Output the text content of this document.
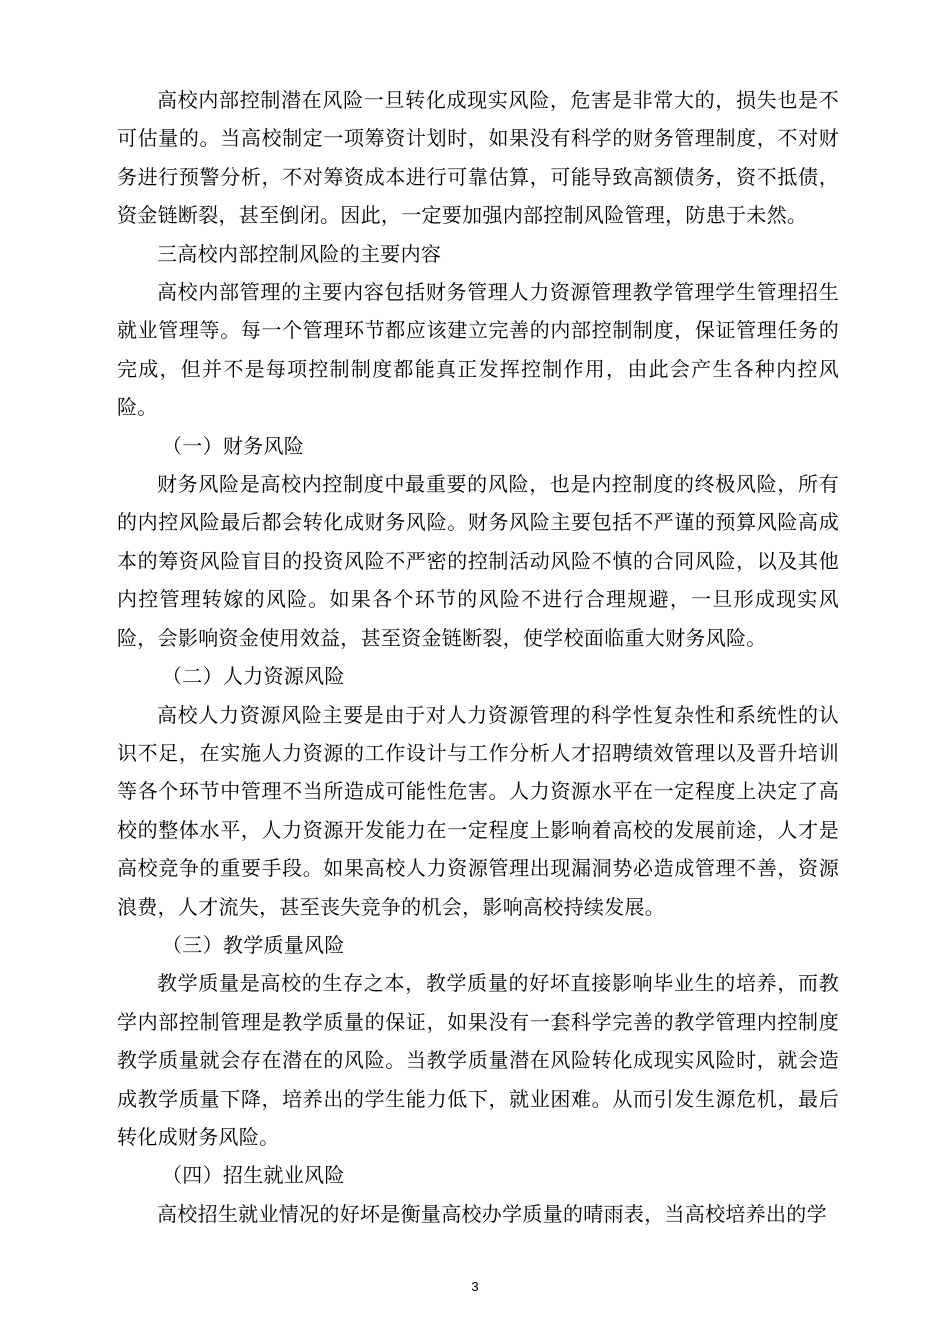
高校内部控制潜在风险一旦转化成现实风险，危害是非常大的，损失也是不可估量的。当高校制定一项筹资计划时，如果没有科学的财务管理制度，不对财务进行预警分析，不对筹资成本进行可靠估算，可能导致高额债务，资不抵债，资金链断裂，甚至倒闭。因此，一定要加强内部控制风险管理，防患于未然。

三高校内部控制风险的主要内容

高校内部管理的主要内容包括财务管理人力资源管理教学管理学生管理招生就业管理等。每一个管理环节都应该建立完善的内部控制制度，保证管理任务的完成，但并不是每项控制制度都能真正发挥控制作用，由此会产生各种内控风险。

（一）财务风险

财务风险是高校内控制度中最重要的风险，也是内控制度的终极风险，所有的内控风险最后都会转化成财务风险。财务风险主要包括不严谨的预算风险高成本的筹资风险盲目的投资风险不严密的控制活动风险不慎的合同风险，以及其他内控管理转嫁的风险。如果各个环节的风险不进行合理规避，一旦形成现实风险，会影响资金使用效益，甚至资金链断裂，使学校面临重大财务风险。

（二）人力资源风险

高校人力资源风险主要是由于对人力资源管理的科学性复杂性和系统性的认识不足，在实施人力资源的工作设计与工作分析人才招聘绩效管理以及晋升培训等各个环节中管理不当所造成可能性危害。人力资源水平在一定程度上决定了高校的整体水平，人力资源开发能力在一定程度上影响着高校的发展前途，人才是高校竞争的重要手段。如果高校人力资源管理出现漏洞势必造成管理不善，资源浪费，人才流失，甚至丧失竞争的机会，影响高校持续发展。

（三）教学质量风险

教学质量是高校的生存之本，教学质量的好坏直接影响毕业生的培养，而教学内部控制管理是教学质量的保证，如果没有一套科学完善的教学管理内控制度教学质量就会存在潜在的风险。当教学质量潜在风险转化成现实风险时，就会造成教学质量下降，培养出的学生能力低下，就业困难。从而引发生源危机，最后转化成财务风险。

（四）招生就业风险

高校招生就业情况的好坏是衡量高校办学质量的晴雨表，当高校培养出的学

3
